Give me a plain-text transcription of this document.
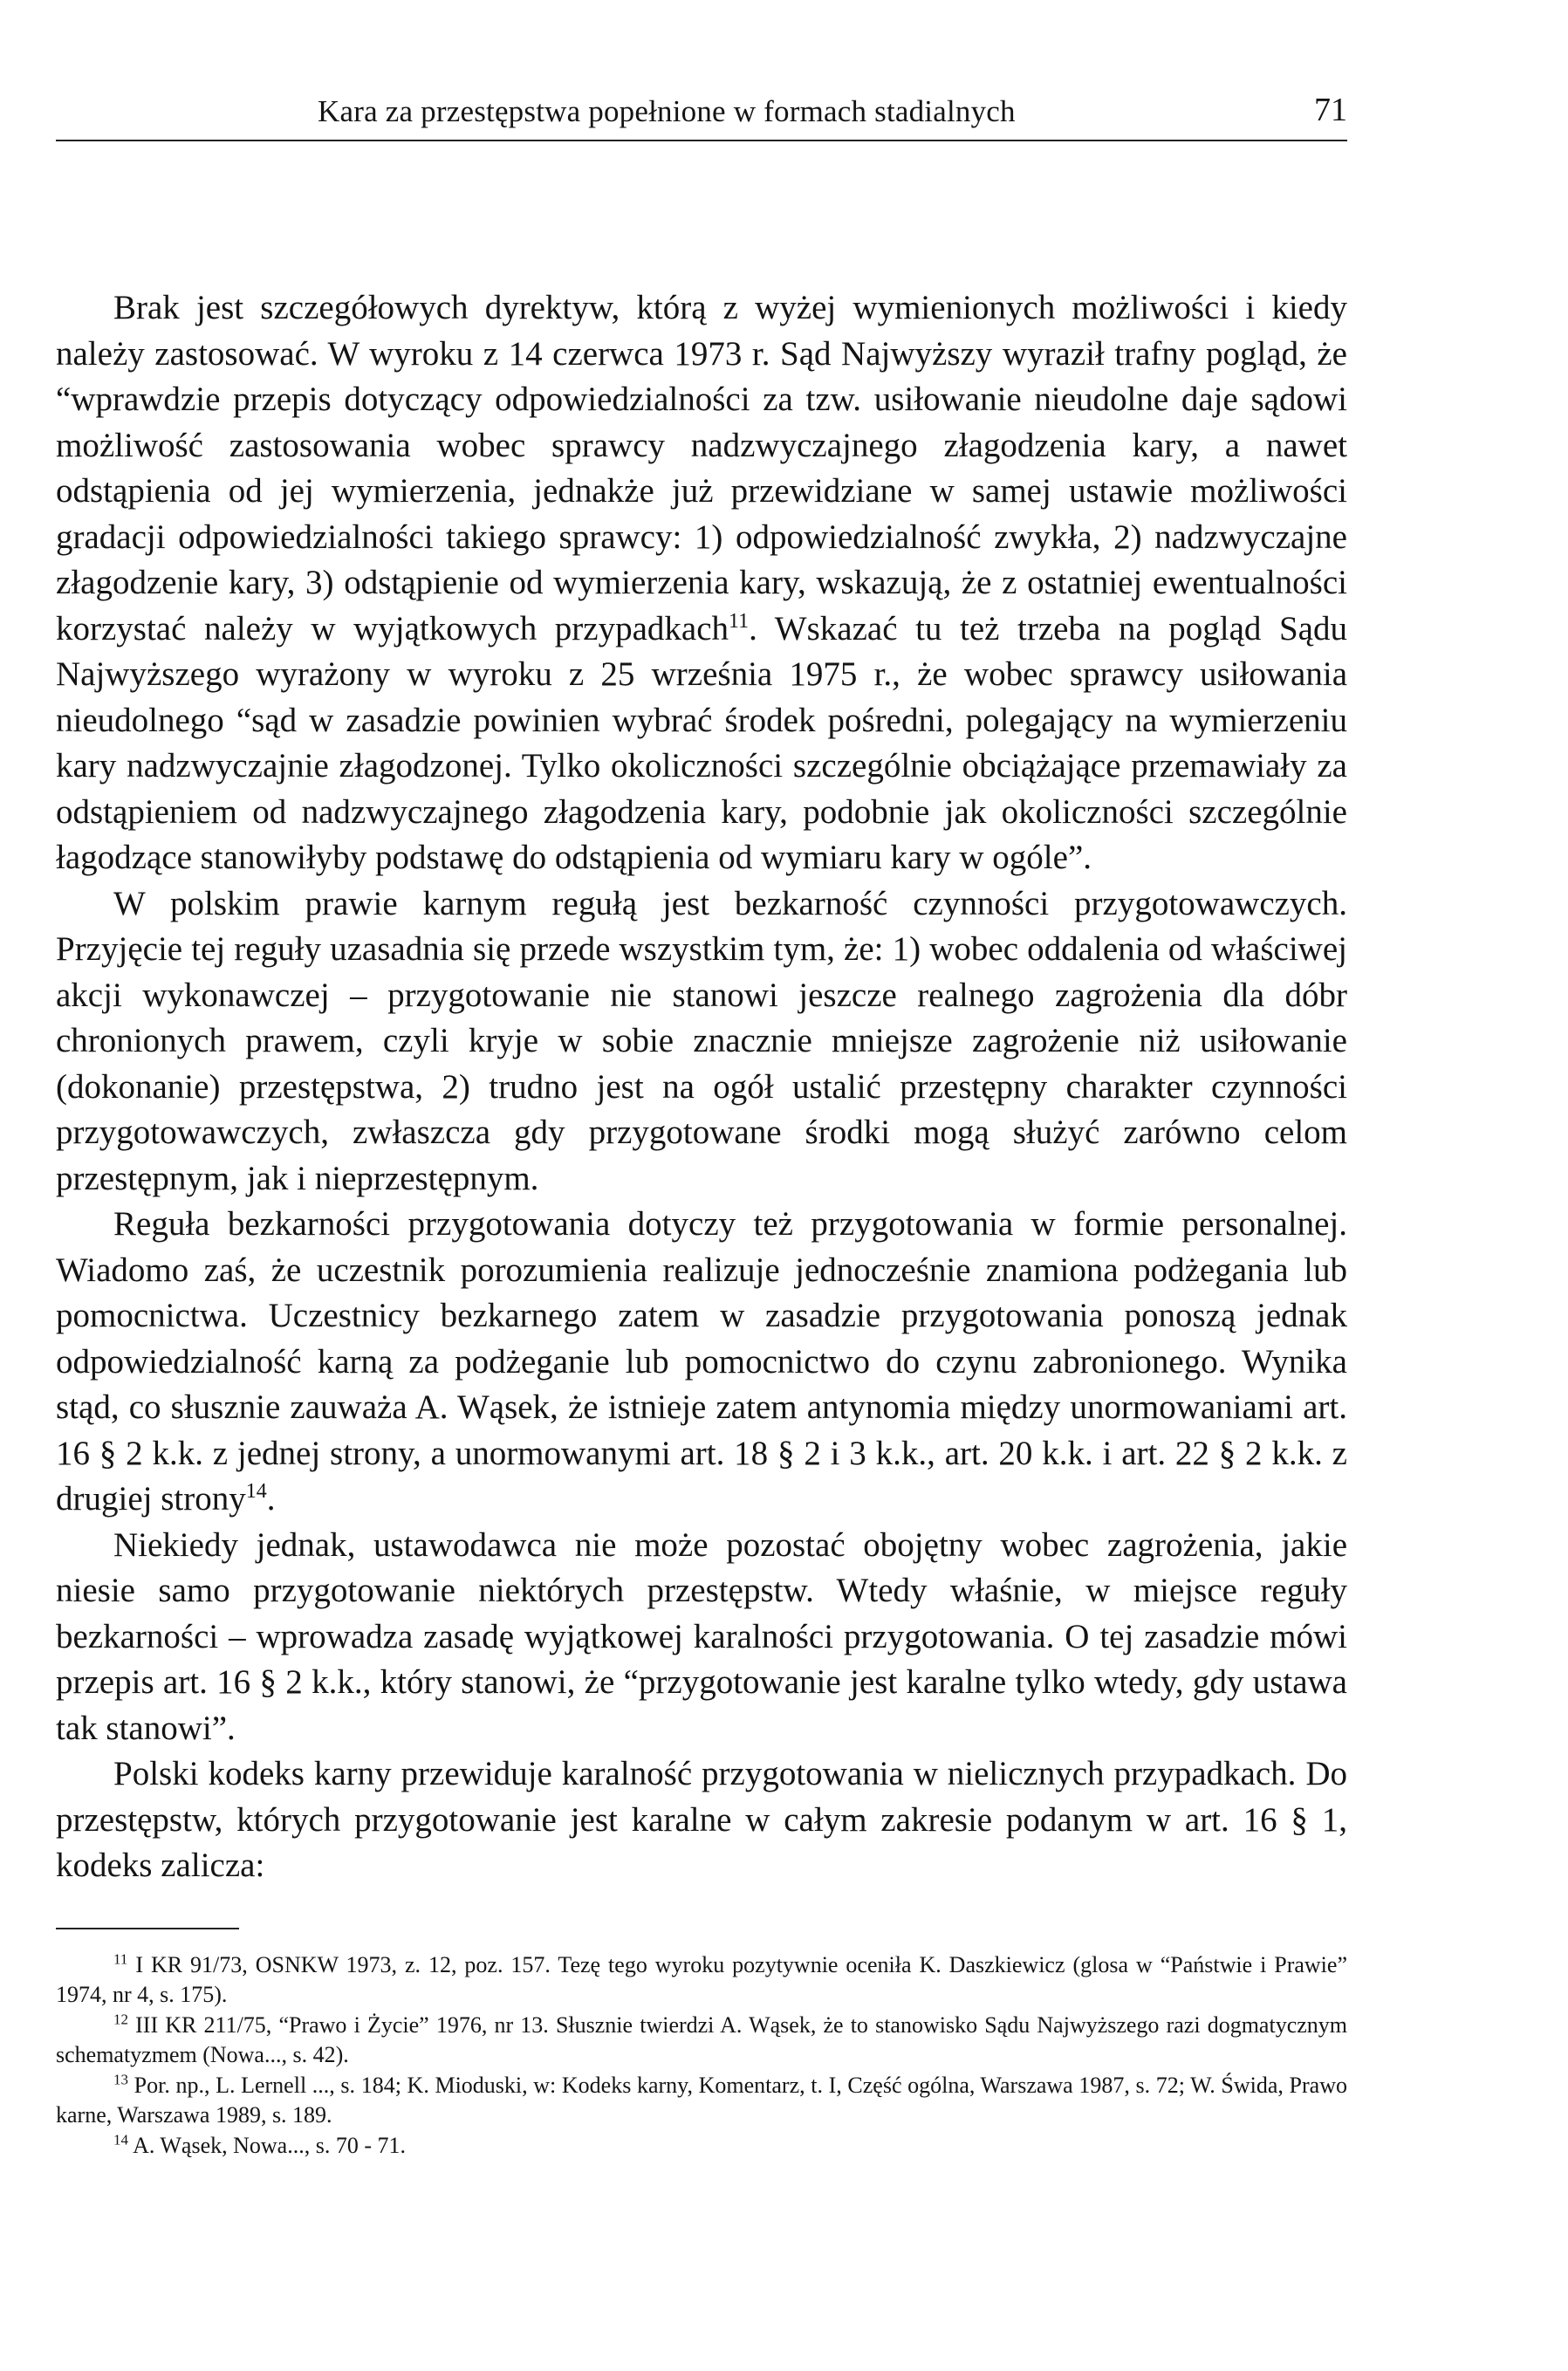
Kara za przestępstwa popełnione w formach stadialnych	71

Brak jest szczegółowych dyrektyw, którą z wyżej wymienionych możliwości i kiedy należy zastosować. W wyroku z 14 czerwca 1973 r. Sąd Najwyższy wyraził trafny pogląd, że “wprawdzie przepis dotyczący odpowiedzialności za tzw. usiłowanie nieudolne daje sądowi możliwość zastosowania wobec sprawcy nadzwyczajnego złagodzenia kary, a nawet odstąpienia od jej wymierzenia, jednakże już przewidziane w samej ustawie możliwości gradacji odpowiedzialności takiego sprawcy: 1) odpowiedzialność zwykła, 2) nadzwyczajne złagodzenie kary, 3) odstąpienie od wymierzenia kary, wskazują, że z ostatniej ewentualności korzystać należy w wyjątkowych przypadkach$^{11}$. Wskazać tu też trzeba na pogląd Sądu Najwyższego wyrażony w wyroku z 25 września 1975 r., że wobec sprawcy usiłowania nieudolnego “sąd w zasadzie powinien wybrać środek pośredni, polegający na wymierzeniu kary nadzwyczajnie złagodzonej. Tylko okoliczności szczególnie obciążające przemawiały za odstąpieniem od nadzwyczajnego złagodzenia kary, podobnie jak okoliczności szczególnie łagodzące stanowiłyby podstawę do odstąpienia od wymiaru kary w ogóle”.

W polskim prawie karnym regułą jest bezkarność czynności przygotowawczych. Przyjęcie tej reguły uzasadnia się przede wszystkim tym, że: 1) wobec oddalenia od właściwej akcji wykonawczej – przygotowanie nie stanowi jeszcze realnego zagrożenia dla dóbr chronionych prawem, czyli kryje w sobie znacznie mniejsze zagrożenie niż usiłowanie (dokonanie) przestępstwa, 2) trudno jest na ogół ustalić przestępny charakter czynności przygotowawczych, zwłaszcza gdy przygotowane środki mogą służyć zarówno celom przestępnym, jak i nieprzestępnym.

Reguła bezkarności przygotowania dotyczy też przygotowania w formie personalnej. Wiadomo zaś, że uczestnik porozumienia realizuje jednocześnie znamiona podżegania lub pomocnictwa. Uczestnicy bezkarnego zatem w zasadzie przygotowania ponoszą jednak odpowiedzialność karną za podżeganie lub pomocnictwo do czynu zabronionego. Wynika stąd, co słusznie zauważa A. Wąsek, że istnieje zatem antynomia między unormowaniami art. 16 § 2 k.k. z jednej strony, a unormowanymi art. 18 § 2 i 3 k.k., art. 20 k.k. i art. 22 § 2 k.k. z drugiej strony$^{14}$.

Niekiedy jednak, ustawodawca nie może pozostać obojętny wobec zagrożenia, jakie niesie samo przygotowanie niektórych przestępstw. Wtedy właśnie, w miejsce reguły bezkarności – wprowadza zasadę wyjątkowej karalności przygotowania. O tej zasadzie mówi przepis art. 16 § 2 k.k., który stanowi, że “przygotowanie jest karalne tylko wtedy, gdy ustawa tak stanowi”.

Polski kodeks karny przewiduje karalność przygotowania w nielicznych przypadkach. Do przestępstw, których przygotowanie jest karalne w całym zakresie podanym w art. 16 § 1, kodeks zalicza:

$^{11}$ I KR 91/73, OSNKW 1973, z. 12, poz. 157. Tezę tego wyroku pozytywnie oceniła K. Daszkiewicz (glosa w “Państwie i Prawie” 1974, nr 4, s. 175).

$^{12}$ III KR 211/75, “Prawo i Życie” 1976, nr 13. Słusznie twierdzi A. Wąsek, że to stanowisko Sądu Najwyższego razi dogmatycznym schematyzmem (Nowa..., s. 42).

$^{13}$ Por. np., L. Lernell ..., s. 184; K. Mioduski, w: Kodeks karny, Komentarz, t. I, Część ogólna, Warszawa 1987, s. 72; W. Świda, Prawo karne, Warszawa 1989, s. 189.

$^{14}$ A. Wąsek, Nowa..., s. 70 - 71.
